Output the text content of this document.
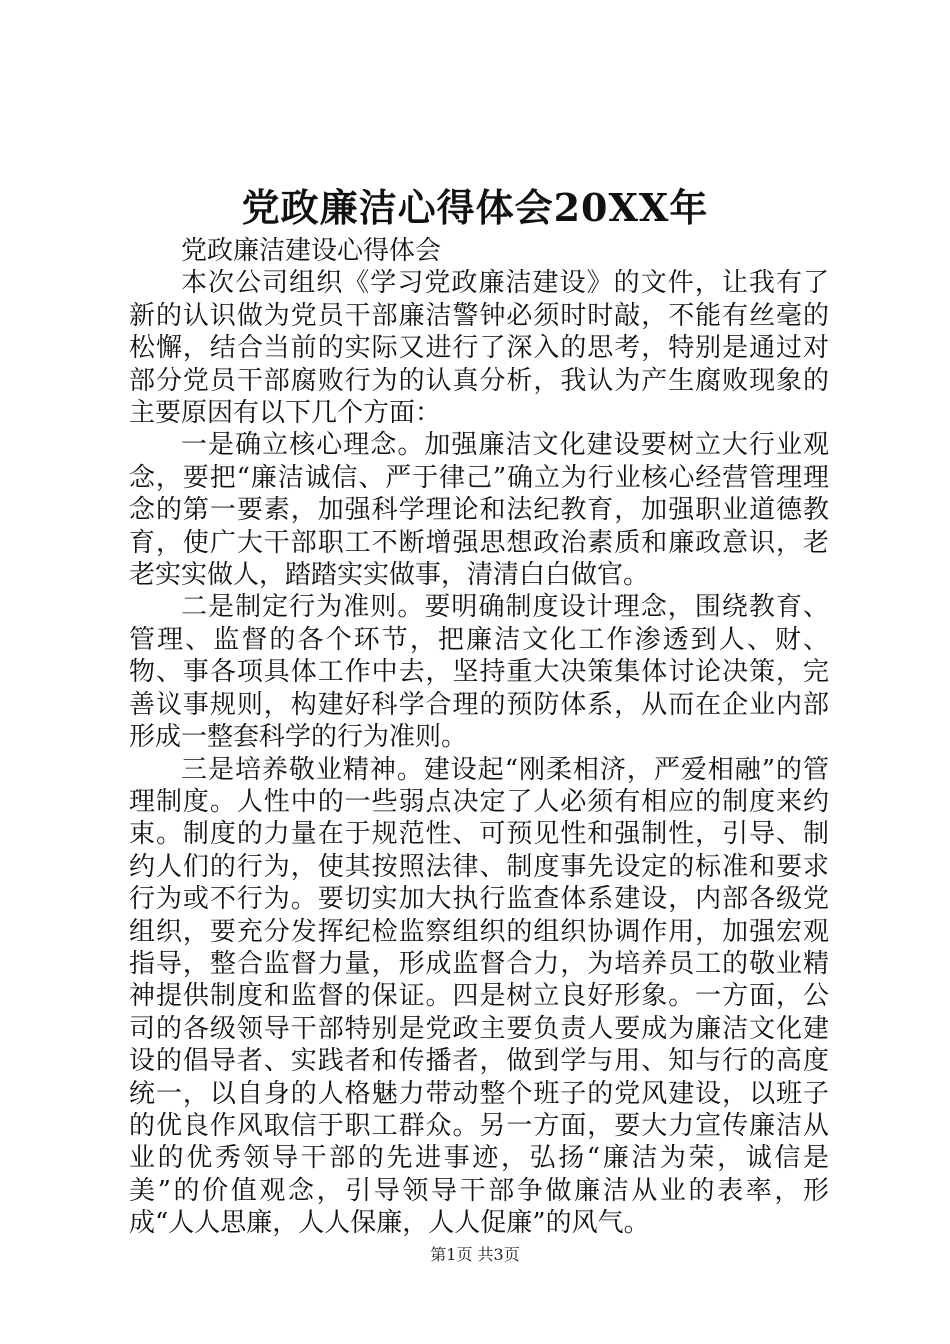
党政廉洁心得体会20XX年

党政廉洁建设心得体会

本次公司组织《学习党政廉洁建设》的文件，让我有了新的认识做为党员干部廉洁警钟必须时时敲，不能有丝毫的松懈，结合当前的实际又进行了深入的思考，特别是通过对部分党员干部腐败行为的认真分析，我认为产生腐败现象的主要原因有以下几个方面：

一是确立核心理念。加强廉洁文化建设要树立大行业观念，要把“廉洁诚信、严于律己”确立为行业核心经营管理理念的第一要素，加强科学理论和法纪教育，加强职业道德教育，使广大干部职工不断增强思想政治素质和廉政意识，老老实实做人，踏踏实实做事，清清白白做官。

二是制定行为准则。要明确制度设计理念，围绕教育、管理、监督的各个环节，把廉洁文化工作渗透到人、财、物、事各项具体工作中去，坚持重大决策集体讨论决策，完善议事规则，构建好科学合理的预防体系，从而在企业内部形成一整套科学的行为准则。

三是培养敬业精神。建设起“刚柔相济，严爱相融”的管理制度。人性中的一些弱点决定了人必须有相应的制度来约束。制度的力量在于规范性、可预见性和强制性，引导、制约人们的行为，使其按照法律、制度事先设定的标准和要求行为或不行为。要切实加大执行监查体系建设，内部各级党组织，要充分发挥纪检监察组织的组织协调作用，加强宏观指导，整合监督力量，形成监督合力，为培养员工的敬业精神提供制度和监督的保证。四是树立良好形象。一方面，公司的各级领导干部特别是党政主要负责人要成为廉洁文化建设的倡导者、实践者和传播者，做到学与用、知与行的高度统一，以自身的人格魅力带动整个班子的党风建设，以班子的优良作风取信于职工群众。另一方面，要大力宣传廉洁从业的优秀领导干部的先进事迹，弘扬“廉洁为荣，诚信是美”的价值观念，引导领导干部争做廉洁从业的表率，形成“人人思廉，人人保廉，人人促廉”的风气。

第1页 共3页
